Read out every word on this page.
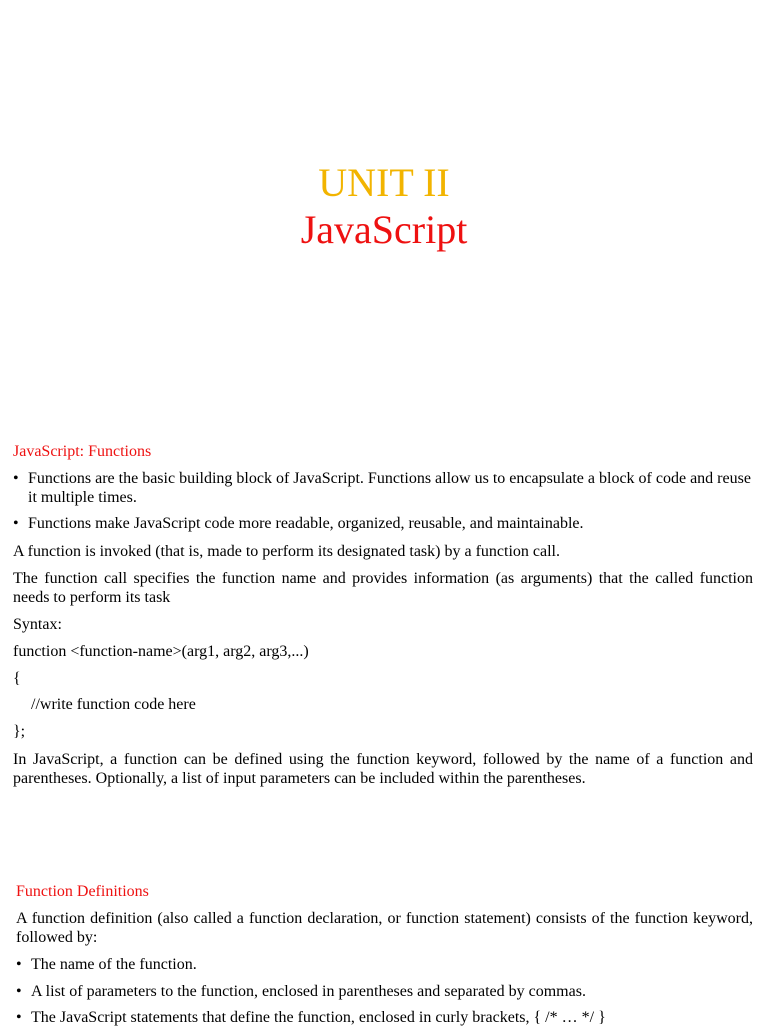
UNIT II
JavaScript
JavaScript: Functions
• Functions are the basic building block of JavaScript. Functions allow us to encapsulate a block of code and reuse it multiple times.
• Functions make JavaScript code more readable, organized, reusable, and maintainable.

A function is invoked (that is, made to perform its designated task) by a function call.

The function call specifies the function name and provides information (as arguments) that the called function needs to perform its task

Syntax:

function <function-name>(arg1, arg2, arg3,...)

{

//write function code here

};

In JavaScript, a function can be defined using the function keyword, followed by the name of a function and parentheses. Optionally, a list of input parameters can be included within the parentheses.

Function Definitions

A function definition (also called a function declaration, or function statement) consists of the function keyword, followed by:

• The name of the function.
• A list of parameters to the function, enclosed in parentheses and separated by commas.
• The JavaScript statements that define the function, enclosed in curly brackets, { /* … */ }
